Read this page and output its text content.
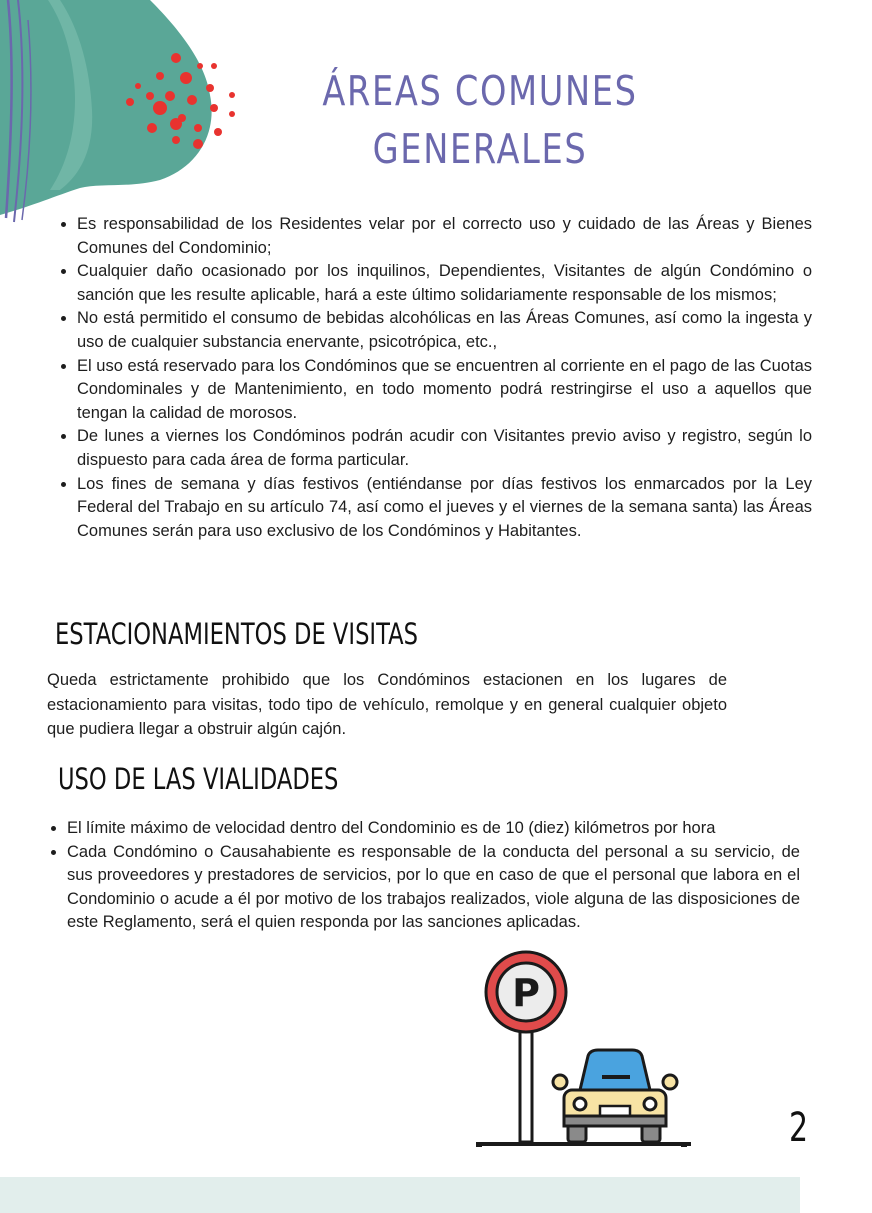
ÁREAS COMUNES
GENERALES
Es responsabilidad de los Residentes velar por el correcto uso y cuidado de las Áreas y Bienes Comunes del Condominio;
Cualquier daño ocasionado por los inquilinos, Dependientes, Visitantes de algún Condómino o sanción que les resulte aplicable, hará a este último solidariamente responsable de los mismos;
No está permitido el consumo de bebidas alcohólicas en las Áreas Comunes, así como la ingesta y uso de cualquier substancia enervante, psicotrópica, etc.,
El uso está reservado para los Condóminos que se encuentren al corriente en el pago de las Cuotas Condominales y de Mantenimiento, en todo momento podrá restringirse el uso a aquellos que tengan la calidad de morosos.
De lunes a viernes los Condóminos podrán acudir con Visitantes previo aviso y registro, según lo dispuesto para cada área de forma particular.
Los fines de semana y días festivos (entiéndanse por días festivos los enmarcados por la Ley Federal del Trabajo en su artículo 74, así como el jueves y el viernes de la semana santa) las Áreas Comunes serán para uso exclusivo de los Condóminos y Habitantes.
ESTACIONAMIENTOS DE VISITAS

Queda estrictamente prohibido que los Condóminos estacionen en los lugares de estacionamiento para visitas, todo tipo de vehículo, remolque y en general cualquier objeto que pudiera llegar a obstruir algún cajón.

USO DE LAS VIALIDADES
El límite máximo de velocidad dentro del Condominio es de 10 (diez) kilómetros por hora
Cada Condómino o Causahabiente es responsable de la conducta del personal a su servicio, de sus proveedores y prestadores de servicios, por lo que en caso de que el personal que labora en el Condominio o acude a él por motivo de los trabajos realizados, viole alguna de las disposiciones de este Reglamento, será el quien responda por las sanciones aplicadas.
P
2
